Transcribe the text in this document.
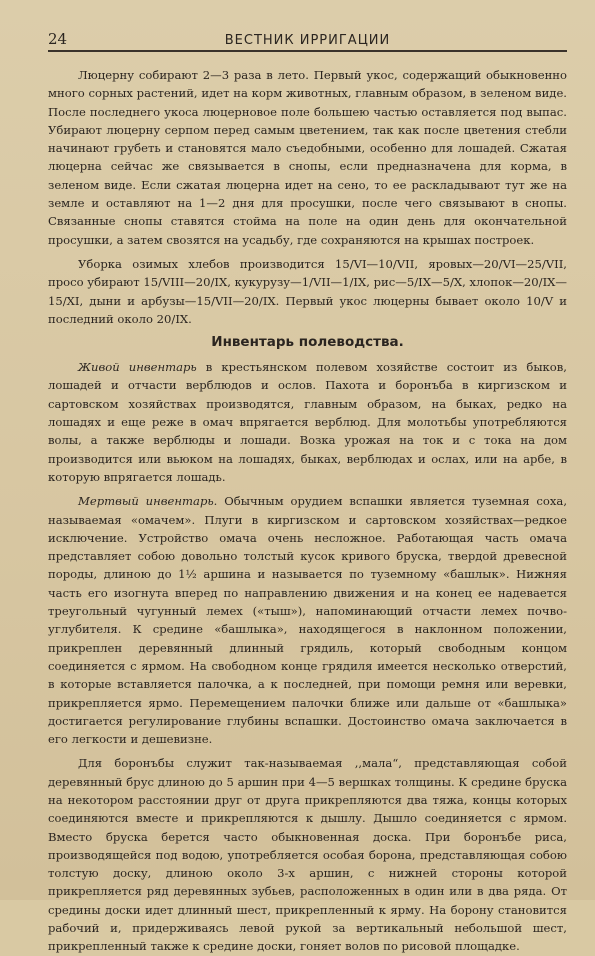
24	ВЕСТНИК ИРРИГАЦИИ

Люцерну собирают 2—3 раза в лето. Первый укос, содержащий обыкновенно много сорных растений, идет на корм животных, главным образом, в зеленом виде. После последнего укоса люцерновое поле большею частью оставляется под выпас. Убирают люцерну серпом перед самым цветением, так как после цветения стебли начинают грубеть и становятся мало съедобными, особенно для лошадей. Сжатая люцерна сейчас же связывается в снопы, если предназначена для корма, в зеленом виде. Если сжатая люцерна идет на сено, то ее раскладывают тут же на земле и оставляют на 1—2 дня для просушки, после чего связывают в снопы. Связанные снопы ставятся стойма на поле на один день для окончательной просушки, а затем свозятся на усадьбу, где сохраняются на крышах построек.

Уборка озимых хлебов производится 15/VI—10/VII, яровых—20/VI—25/VII, просо убирают 15/VIII—20/IX, кукурузу—1/VII—1/IX, рис—5/IX—5/X, хлопок—20/IX—15/XI, дыни и арбузы—15/VII—20/IX. Первый укос люцерны бывает около 10/V и последний около 20/IX.

Инвентарь полеводства.

Живой инвентарь в крестьянском полевом хозяйстве состоит из быков, лошадей и отчасти верблюдов и ослов. Пахота и боронъба в киргизском и сартовском хозяйствах производятся, главным образом, на быках, редко на лошадях и еще реже в омач впрягается верблюд. Для молотьбы употребляются волы, а также верблюды и лошади. Возка урожая на ток и с тока на дом производится или вьюком на лошадях, быках, верблюдах и ослах, или на арбе, в которую впрягается лошадь.

Мертвый инвентарь. Обычным орудием вспашки является туземная соха, называемая «омачем». Плуги в киргизском и сартовском хозяйствах—редкое исключение. Устройство омача очень несложное. Работающая часть омача представляет собою довольно толстый кусок кривого бруска, твердой древесной породы, длиною до 1½ аршина и называется по туземному «башлык». Нижняя часть его изогнута вперед по направлению движения и на конец ее надевается треугольный чугунный лемех («тыш»), напоминающий отчасти лемех почво-углубителя. К средине «башлыка», находящегося в наклонном положении, прикреплен деревянный длинный грядиль, который свободным концом соединяется с ярмом. На свободном конце грядиля имеется несколько отверстий, в которые вставляется палочка, а к последней, при помощи ремня или веревки, прикрепляется ярмо. Перемещением палочки ближе или дальше от «башлыка» достигается регулирование глубины вспашки. Достоинство омача заключается в его легкости и дешевизне.

Для боронъбы служит так-называемая ,,мала“, представляющая собой деревянный брус длиною до 5 аршин при 4—5 вершках толщины. К средине бруска на некотором расстоянии друг от друга прикрепляются два тяжа, концы которых соединяются вместе и прикрепляются к дышлу. Дышло соединяется с ярмом. Вместо бруска берется часто обыкновенная доска. При боронъбе риса, производящейся под водою, употребляется особая борона, представляющая собою толстую доску, длиною около 3-х аршин, с нижней стороны которой прикрепляется ряд деревянных зубьев, расположенных в один или в два ряда. От средины доски идет длинный шест, прикрепленный к ярму. На борону становится рабочий и, придерживаясь левой рукой за вертикальный небольшой шест, прикрепленный также к средине доски, гоняет волов по рисовой площадке.
